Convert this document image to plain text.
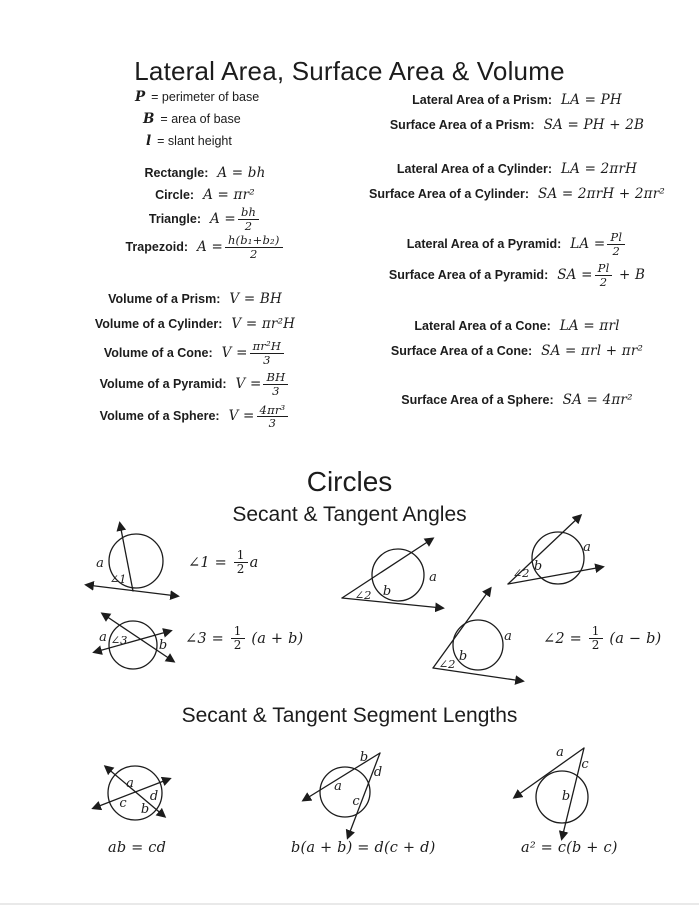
Lateral Area, Surface Area & Volume
P = perimeter of base
B = area of base
l = slant height
Rectangle: A = bh
Circle: A = πr²
Triangle: $A = \frac{bh}{2}$
Trapezoid: $A = \frac{\text{h(b₁+b₂)}}{2}$
Volume of a Prism: V = BH
Volume of a Cylinder: V = πr²H
Volume of a Cone: $V = \frac{\text{πr²H}}{3}$
Volume of a Pyramid: $V = \frac{BH}{3}$
Volume of a Sphere: $V = \frac{\text{4πr³}}{3}$
Lateral Area of a Prism: LA = PH
Surface Area of a Prism: SA = PH + 2B
Lateral Area of a Cylinder: LA = 2πrH
Surface Area of a Cylinder: SA = 2πrH + 2πr²
Lateral Area of a Pyramid: LA = $\frac{Pl}{2}$
Surface Area of a Pyramid: SA = $\frac{Pl}{2} + B$
Lateral Area of a Cone: LA = πrl
Surface Area of a Cone: SA = πrl + πr²
Surface Area of a Sphere: SA = 4πr²
Circles
Secant & Tangent Angles
Secant & Tangent Segment Lengths
a
∠1
∠1 = $\frac{1}{2}$ a
∠2 b
a	∠2 b
a
a ∠3 b ∠3 = $\frac{1}{2} (a + b)$
∠2 b
a ∠2 = $\frac{1}{2} (a - b)$
a
d
c b
ab = cd
b
d
a
c
b(a + b) = d(c + d)
a
c
b
a² = c(b + c)
